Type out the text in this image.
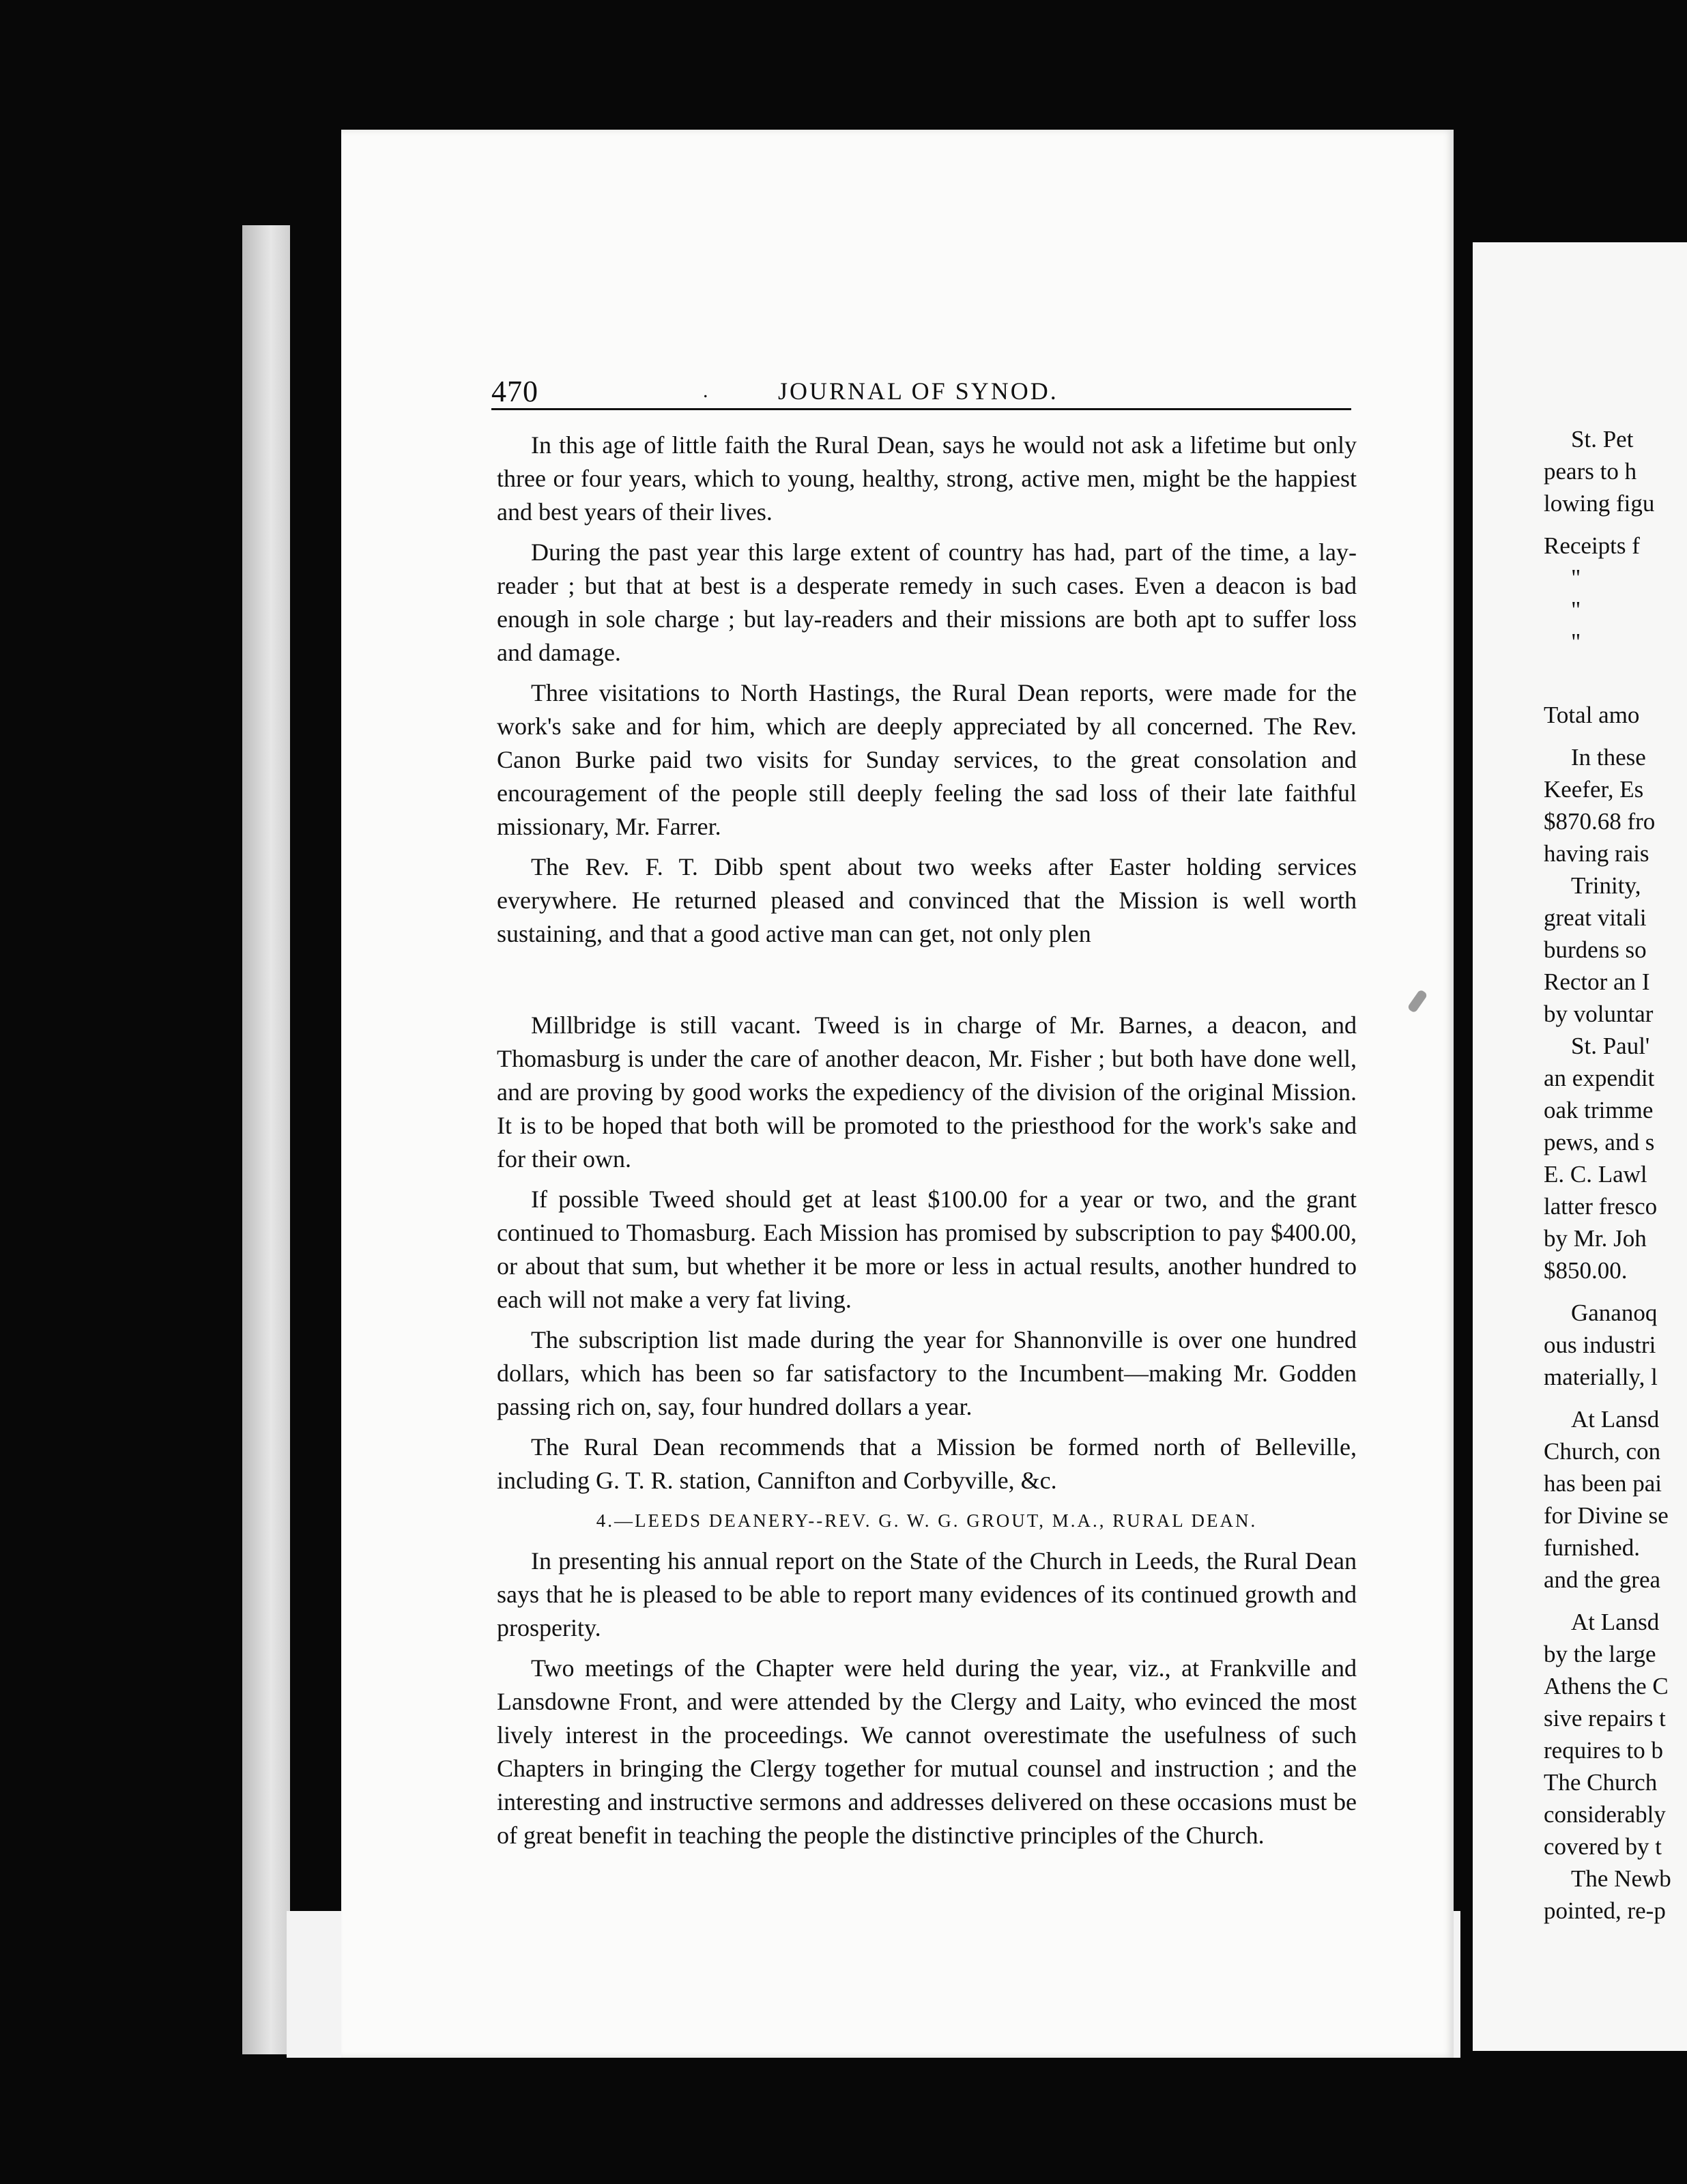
470	.	JOURNAL OF SYNOD.

In this age of little faith the Rural Dean, says he would not ask a lifetime but only three or four years, which to young, healthy, strong, active men, might be the happiest and best years of their lives.

During the past year this large extent of country has had, part of the time, a lay-reader ; but that at best is a desperate remedy in such cases. Even a deacon is bad enough in sole charge ; but lay-readers and their missions are both apt to suffer loss and damage.

Three visitations to North Hastings, the Rural Dean reports, were made for the work's sake and for him, which are deeply appreciated by all concerned. The Rev. Canon Burke paid two visits for Sunday services, to the great consolation and encouragement of the people still deeply feeling the sad loss of their late faithful missionary, Mr. Farrer.

The Rev. F. T. Dibb spent about two weeks after Easter holding services everywhere. He returned pleased and convinced that the Mission is well worth sustaining, and that a good active man can get, not only plen

Millbridge is still vacant. Tweed is in charge of Mr. Barnes, a deacon, and Thomasburg is under the care of another deacon, Mr. Fisher ; but both have done well, and are proving by good works the expediency of the division of the original Mission. It is to be hoped that both will be promoted to the priesthood for the work's sake and for their own.

If possible Tweed should get at least $100.00 for a year or two, and the grant continued to Thomasburg. Each Mission has promised by subscription to pay $400.00, or about that sum, but whether it be more or less in actual results, another hundred to each will not make a very fat living.

The subscription list made during the year for Shannonville is over one hundred dollars, which has been so far satisfactory to the Incumbent—making Mr. Godden passing rich on, say, four hundred dollars a year.

The Rural Dean recommends that a Mission be formed north of Belleville, including G. T. R. station, Cannifton and Corbyville, &c.

4.—LEEDS DEANERY--REV. G. W. G. GROUT, M.A., RURAL DEAN.

In presenting his annual report on the State of the Church in Leeds, the Rural Dean says that he is pleased to be able to report many evidences of its continued growth and prosperity.

Two meetings of the Chapter were held during the year, viz., at Frankville and Lansdowne Front, and were attended by the Clergy and Laity, who evinced the most lively interest in the proceedings. We cannot overestimate the usefulness of such Chapters in bringing the Clergy together for mutual counsel and instruction ; and the interesting and instructive sermons and addresses delivered on these occasions must be of great benefit in teaching the people the distinctive principles of the Church.

St. Pet
pears to h
lowing figu
Receipts f
"
"
"
Total amo
In these
Keefer, Es
$870.68 fro
having rais
Trinity,
great vitali
burdens so
Rector an I
by voluntar
St. Paul'
an expendit
oak trimme
pews, and s
E. C. Lawl
latter fresco
by Mr. Joh
$850.00.
Gananoq
ous industri
materially, l
At Lansd
Church, con
has been pai
for Divine se
furnished.
and the grea
At Lansd
by the large
Athens the C
sive repairs t
requires to b
The Church
considerably
covered by t
The Newb
pointed, re-p
